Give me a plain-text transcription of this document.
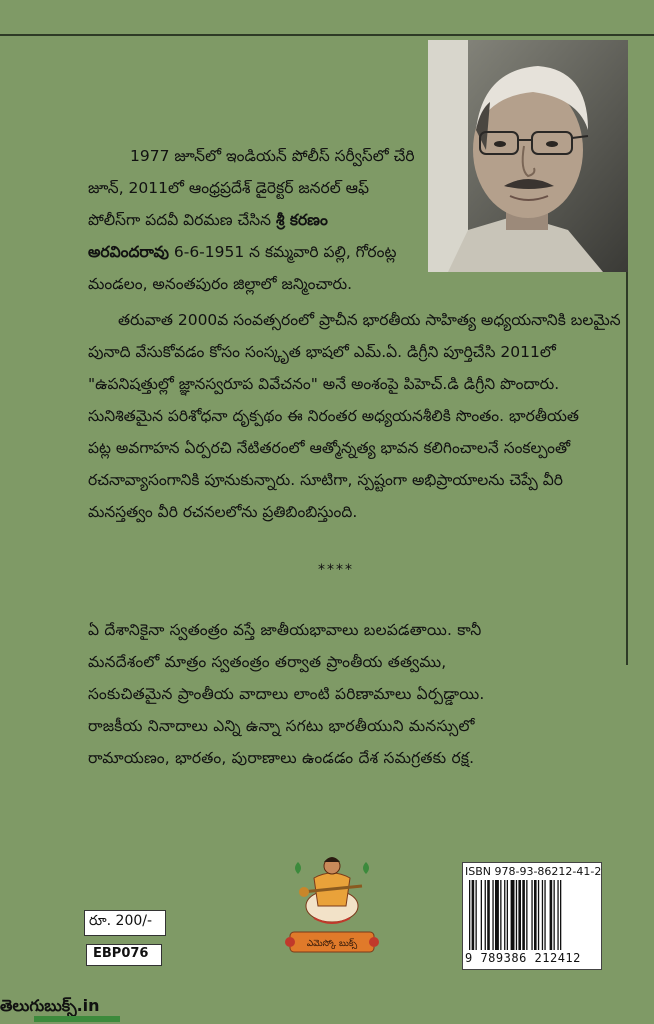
1977 జూన్‌లో ఇండియన్ పోలీస్ సర్వీస్‌లో చేరి

జూన్, 2011లో ఆంధ్రప్రదేశ్ డైరెక్టర్ జనరల్ ఆఫ్

పోలీస్‌గా పదవీ విరమణ చేసిన శ్రీ కరణం

అరవిందరావు 6-6-1951 న కమ్మవారి పల్లి, గోరంట్ల

మండలం, అనంతపురం జిల్లాలో జన్మించారు.

తరువాత 2000వ సంవత్సరంలో ప్రాచీన భారతీయ సాహిత్య అధ్యయనానికి బలమైన

పునాది వేసుకోవడం కోసం సంస్కృత భాషలో ఎమ్.ఏ. డిగ్రీని పూర్తిచేసి 2011లో

"ఉపనిషత్తుల్లో జ్ఞానస్వరూప వివేచనం" అనే అంశంపై పిహెచ్.డి డిగ్రీని పొందారు.

సునిశితమైన పరిశోధనా దృక్పథం ఈ నిరంతర అధ్యయనశీలికి సొంతం. భారతీయత

పట్ల అవగాహన ఏర్పరచి నేటితరంలో ఆత్మోన్నత్య భావన కలిగించాలనే సంకల్పంతో

రచనావ్యాసంగానికి పూనుకున్నారు. సూటిగా, స్పష్టంగా అభిప్రాయాలను చెప్పే వీరి

మనస్తత్వం వీరి రచనలలోను ప్రతిబింబిస్తుంది.

****

ఏ దేశానికైనా స్వతంత్రం వస్తే జాతీయభావాలు బలపడతాయి. కానీ

మనదేశంలో మాత్రం స్వతంత్రం తర్వాత ప్రాంతీయ తత్వము,

సంకుచితమైన ప్రాంతీయ వాదాలు లాంటి పరిణామాలు ఏర్పడ్డాయి.

రాజకీయ నినాదాలు ఎన్ని ఉన్నా సగటు భారతీయుని మనస్సులో

రామాయణం, భారతం, పురాణాలు ఉండడం దేశ సమగ్రతకు రక్ష.

ఎమెస్కో బుక్స్
ISBN 978-93-86212-41-2
9 789386 212412
రూ. 200/-
EBP076
తెలుగుబుక్స్.in
